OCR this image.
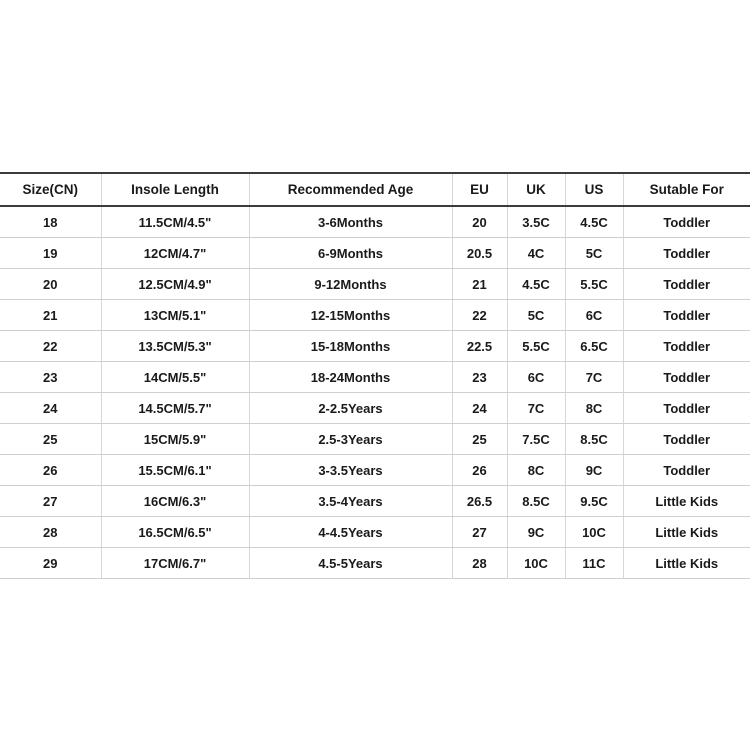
Size(CN)	Insole Length	Recommended Age	EU	UK	US	Sutable For
18	11.5CM/4.5"	3-6Months	20	3.5C	4.5C	Toddler
19	12CM/4.7"	6-9Months	20.5	4C	5C	Toddler
20	12.5CM/4.9"	9-12Months	21	4.5C	5.5C	Toddler
21	13CM/5.1"	12-15Months	22	5C	6C	Toddler
22	13.5CM/5.3"	15-18Months	22.5	5.5C	6.5C	Toddler
23	14CM/5.5"	18-24Months	23	6C	7C	Toddler
24	14.5CM/5.7"	2-2.5Years	24	7C	8C	Toddler
25	15CM/5.9"	2.5-3Years	25	7.5C	8.5C	Toddler
26	15.5CM/6.1"	3-3.5Years	26	8C	9C	Toddler
27	16CM/6.3"	3.5-4Years	26.5	8.5C	9.5C	Little Kids
28	16.5CM/6.5"	4-4.5Years	27	9C	10C	Little Kids
29	17CM/6.7"	4.5-5Years	28	10C	11C	Little Kids
